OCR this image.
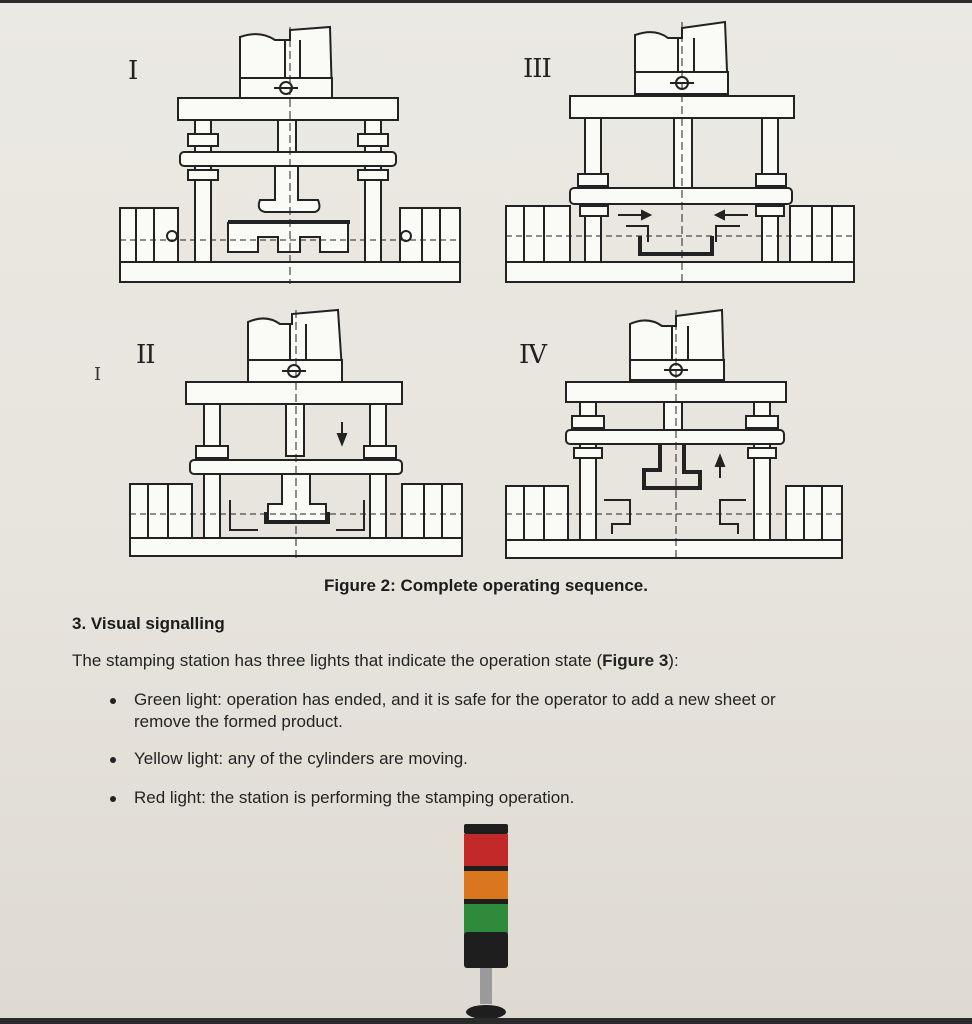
I	III
II	IV
I
Figure 2: Complete operating sequence.
3. Visual signalling
The stamping station has three lights that indicate the operation state (Figure 3):
Green light: operation has ended, and it is safe for the operator to add a new sheet or
remove the formed product.
Yellow light: any of the cylinders are moving.
Red light: the station is performing the stamping operation.
